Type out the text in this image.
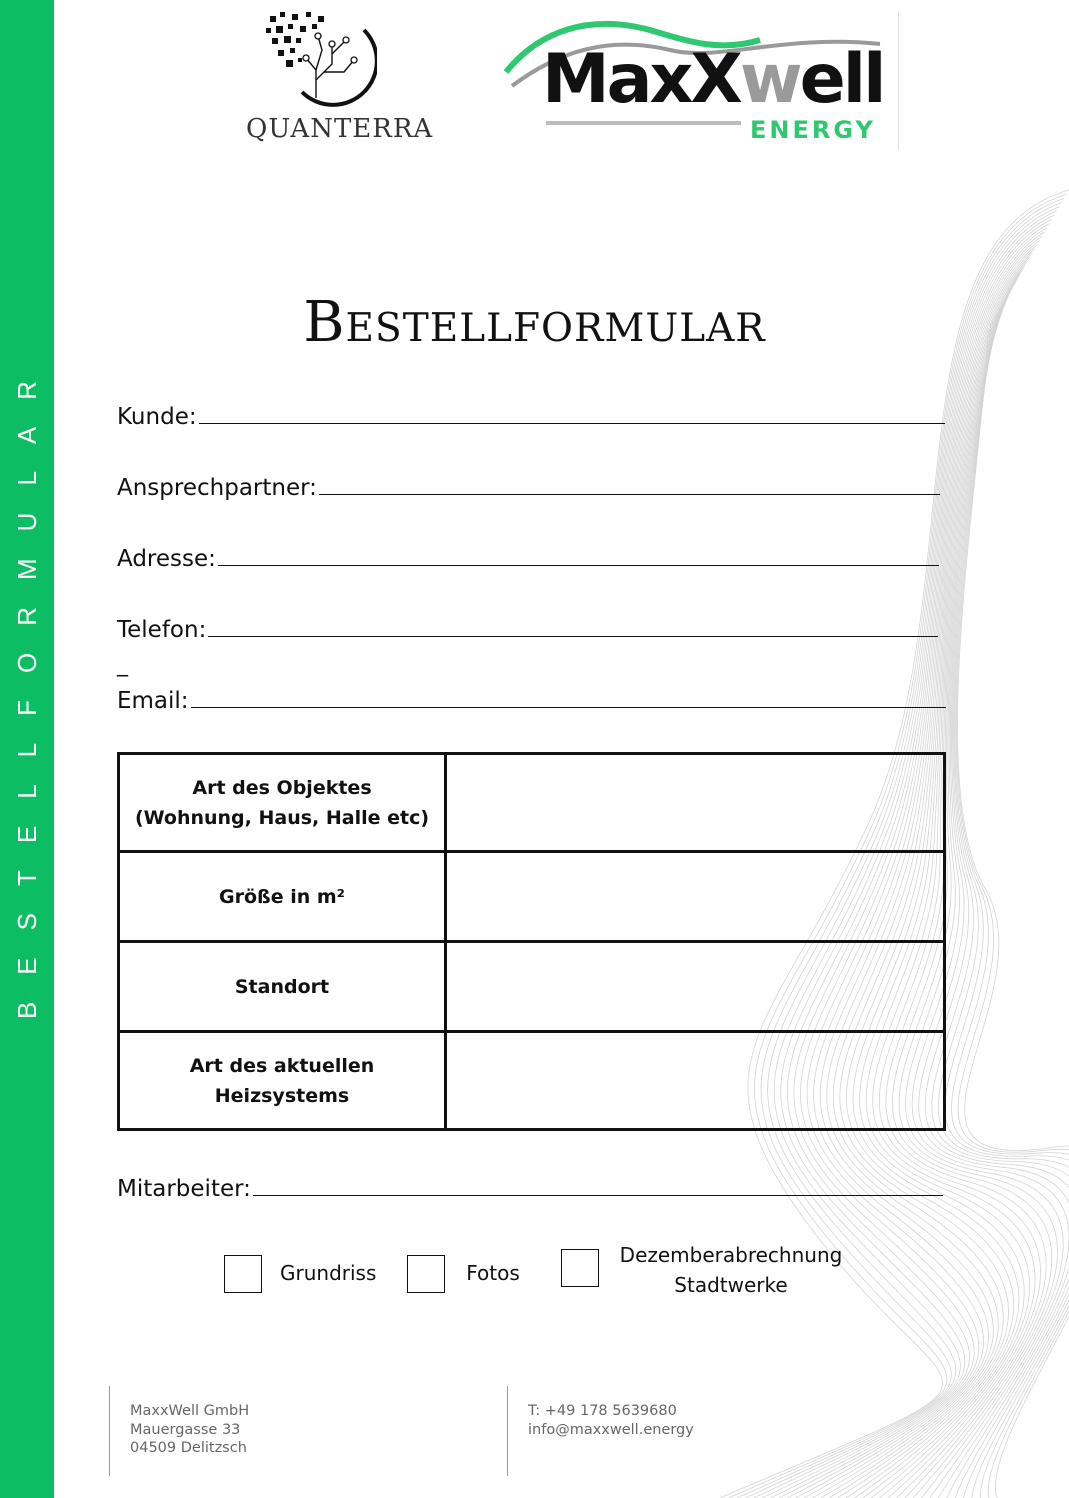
BESTELLFORMULAR
QUANTERRA
MaxXwell
ENERGY
Bestellformular
Kunde:
Ansprechpartner:
Adresse:
Telefon:
_
Email:
Art des Objektes
(Wohnung, Haus, Halle etc)	

Größe in m²	

Standort	

Art des aktuellen
Heizsystems	

Mitarbeiter:
Grundriss	Fotos
Dezemberabrechnung
Stadtwerke
MaxxWell GmbH
Mauergasse 33
04509 Delitzsch
T: +49 178 5639680
info@maxxwell.energy
